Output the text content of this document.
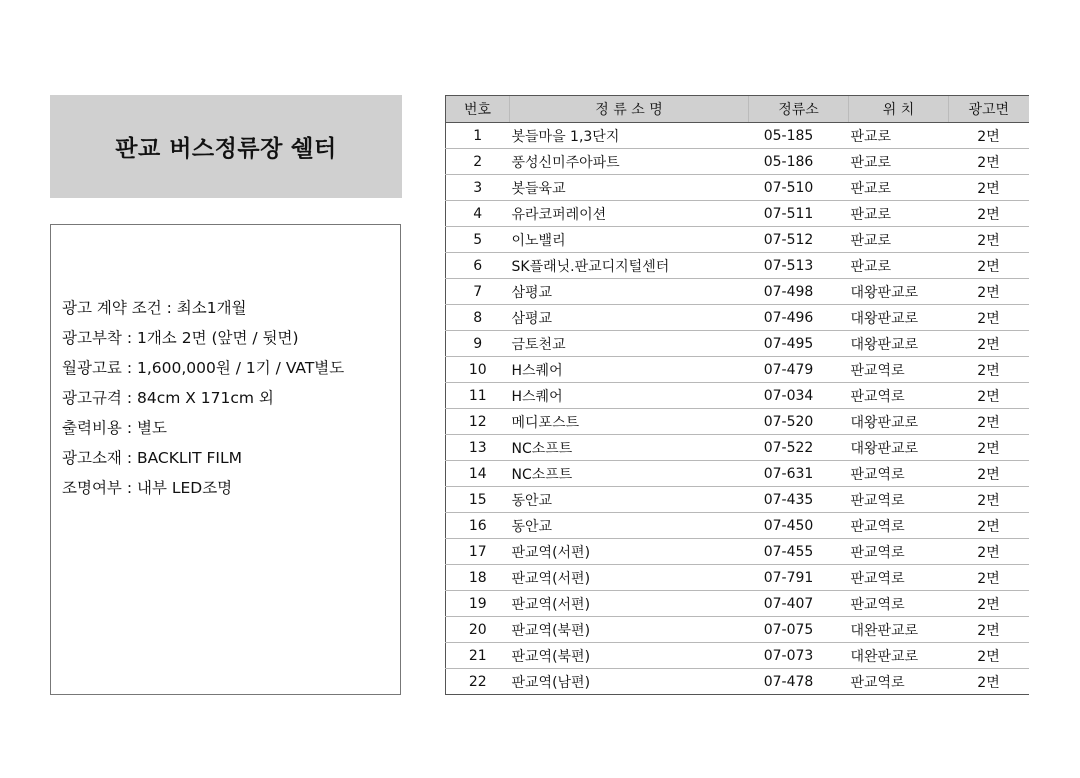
판교 버스정류장 쉘터
광고 계약 조건 : 최소1개월
광고부착 : 1개소 2면 (앞면 / 뒷면)
월광고료 : 1,600,000원 / 1기 / VAT별도
광고규격 : 84cm X 171cm 외
출력비용 : 별도
광고소재 : BACKLIT FILM
조명여부 : 내부 LED조명
번호	정 류 소 명	정류소	위 치	광고면
1	봇들마을 1,3단지	05-185	판교로	2면
2	풍성신미주아파트	05-186	판교로	2면
3	봇들육교	07-510	판교로	2면
4	유라코퍼레이션	07-511	판교로	2면
5	이노밸리	07-512	판교로	2면
6	SK플래닛.판교디지털센터	07-513	판교로	2면
7	삼평교	07-498	대왕판교로	2면
8	삼평교	07-496	대왕판교로	2면
9	금토천교	07-495	대왕판교로	2면
10	H스퀘어	07-479	판교역로	2면
11	H스퀘어	07-034	판교역로	2면
12	메디포스트	07-520	대왕판교로	2면
13	NC소프트	07-522	대왕판교로	2면
14	NC소프트	07-631	판교역로	2면
15	동안교	07-435	판교역로	2면
16	동안교	07-450	판교역로	2면
17	판교역(서편)	07-455	판교역로	2면
18	판교역(서편)	07-791	판교역로	2면
19	판교역(서편)	07-407	판교역로	2면
20	판교역(북편)	07-075	대완판교로	2면
21	판교역(북편)	07-073	대완판교로	2면
22	판교역(남편)	07-478	판교역로	2면
